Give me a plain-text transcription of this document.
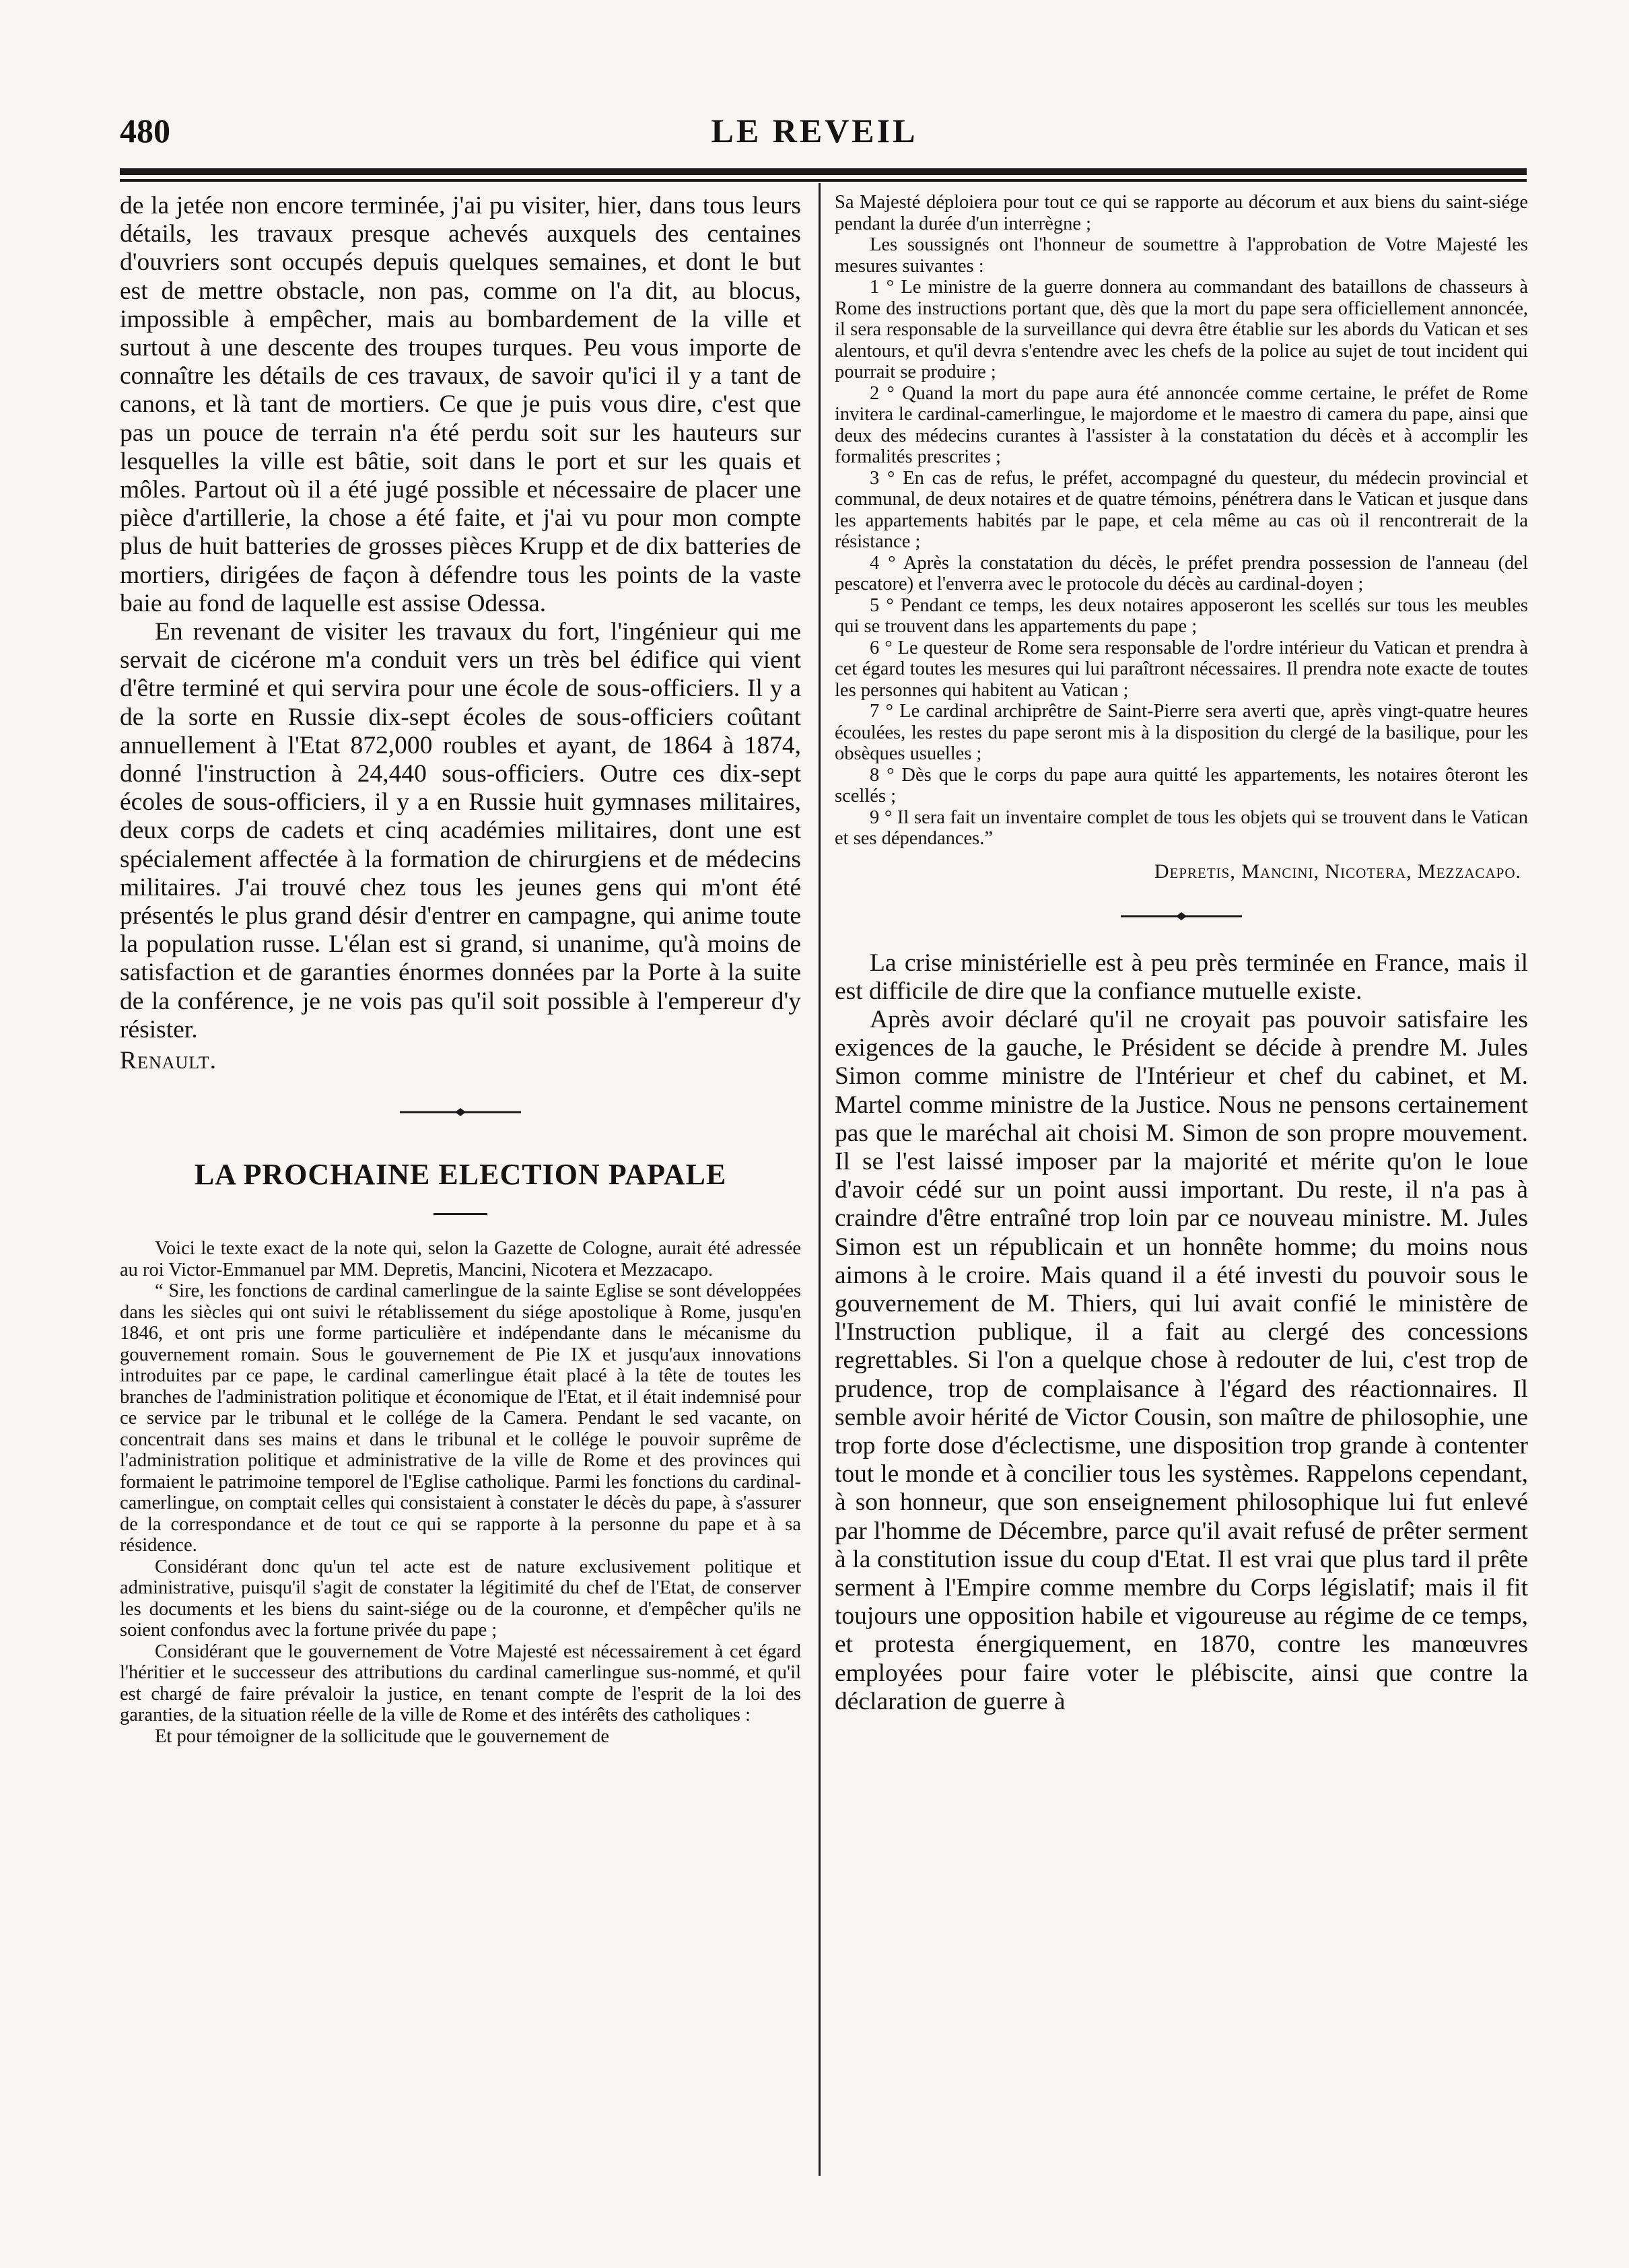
480	LE REVEIL

de la jetée non encore terminée, j'ai pu visiter, hier, dans tous leurs détails, les travaux presque achevés auxquels des centaines d'ouvriers sont occupés depuis quelques semaines, et dont le but est de mettre obstacle, non pas, comme on l'a dit, au blocus, impossible à empêcher, mais au bombardement de la ville et surtout à une descente des troupes turques. Peu vous importe de connaître les détails de ces travaux, de savoir qu'ici il y a tant de canons, et là tant de mortiers. Ce que je puis vous dire, c'est que pas un pouce de terrain n'a été perdu soit sur les hauteurs sur lesquelles la ville est bâtie, soit dans le port et sur les quais et môles. Partout où il a été jugé possible et nécessaire de placer une pièce d'artillerie, la chose a été faite, et j'ai vu pour mon compte plus de huit batteries de grosses pièces Krupp et de dix batteries de mortiers, dirigées de façon à défendre tous les points de la vaste baie au fond de laquelle est assise Odessa.

En revenant de visiter les travaux du fort, l'ingénieur qui me servait de cicérone m'a conduit vers un très bel édifice qui vient d'être terminé et qui servira pour une école de sous-officiers. Il y a de la sorte en Russie dix-sept écoles de sous-officiers coûtant annuellement à l'Etat 872,000 roubles et ayant, de 1864 à 1874, donné l'instruction à 24,440 sous-officiers. Outre ces dix-sept écoles de sous-officiers, il y a en Russie huit gymnases militaires, deux corps de cadets et cinq académies militaires, dont une est spécialement affectée à la formation de chirurgiens et de médecins militaires. J'ai trouvé chez tous les jeunes gens qui m'ont été présentés le plus grand désir d'entrer en campagne, qui anime toute la population russe. L'élan est si grand, si unanime, qu'à moins de satisfaction et de garanties énormes données par la Porte à la suite de la conférence, je ne vois pas qu'il soit possible à l'empereur d'y résister.

Renault.

LA PROCHAINE ELECTION PAPALE

Voici le texte exact de la note qui, selon la Gazette de Cologne, aurait été adressée au roi Victor-Emmanuel par MM. Depretis, Mancini, Nicotera et Mezzacapo.

“ Sire, les fonctions de cardinal camerlingue de la sainte Eglise se sont développées dans les siècles qui ont suivi le rétablissement du siége apostolique à Rome, jusqu'en 1846, et ont pris une forme particulière et indépendante dans le mécanisme du gouvernement romain. Sous le gouvernement de Pie IX et jusqu'aux innovations introduites par ce pape, le cardinal camerlingue était placé à la tête de toutes les branches de l'administration politique et économique de l'Etat, et il était indemnisé pour ce service par le tribunal et le collége de la Camera. Pendant le sed vacante, on concentrait dans ses mains et dans le tribunal et le collége le pouvoir suprême de l'administration politique et administrative de la ville de Rome et des provinces qui formaient le patrimoine temporel de l'Eglise catholique. Parmi les fonctions du cardinal-camerlingue, on comptait celles qui consistaient à constater le décès du pape, à s'assurer de la correspondance et de tout ce qui se rapporte à la personne du pape et à sa résidence.

Considérant donc qu'un tel acte est de nature exclusivement politique et administrative, puisqu'il s'agit de constater la légitimité du chef de l'Etat, de conserver les documents et les biens du saint-siége ou de la couronne, et d'empêcher qu'ils ne soient confondus avec la fortune privée du pape ;

Considérant que le gouvernement de Votre Majesté est nécessairement à cet égard l'héritier et le successeur des attributions du cardinal camerlingue sus-nommé, et qu'il est chargé de faire prévaloir la justice, en tenant compte de l'esprit de la loi des garanties, de la situation réelle de la ville de Rome et des intérêts des catholiques :

Et pour témoigner de la sollicitude que le gouvernement de

Sa Majesté déploiera pour tout ce qui se rapporte au décorum et aux biens du saint-siége pendant la durée d'un interrègne ;

Les soussignés ont l'honneur de soumettre à l'approbation de Votre Majesté les mesures suivantes :

1 ° Le ministre de la guerre donnera au commandant des bataillons de chasseurs à Rome des instructions portant que, dès que la mort du pape sera officiellement annoncée, il sera responsable de la surveillance qui devra être établie sur les abords du Vatican et ses alentours, et qu'il devra s'entendre avec les chefs de la police au sujet de tout incident qui pourrait se produire ;

2 ° Quand la mort du pape aura été annoncée comme certaine, le préfet de Rome invitera le cardinal-camerlingue, le majordome et le maestro di camera du pape, ainsi que deux des médecins curantes à l'assister à la constatation du décès et à accomplir les formalités prescrites ;

3 ° En cas de refus, le préfet, accompagné du questeur, du médecin provincial et communal, de deux notaires et de quatre témoins, pénétrera dans le Vatican et jusque dans les appartements habités par le pape, et cela même au cas où il rencontrerait de la résistance ;

4 ° Après la constatation du décès, le préfet prendra possession de l'anneau (del pescatore) et l'enverra avec le protocole du décès au cardinal-doyen ;

5 ° Pendant ce temps, les deux notaires apposeront les scellés sur tous les meubles qui se trouvent dans les appartements du pape ;

6 ° Le questeur de Rome sera responsable de l'ordre intérieur du Vatican et prendra à cet égard toutes les mesures qui lui paraîtront nécessaires. Il prendra note exacte de toutes les personnes qui habitent au Vatican ;

7 ° Le cardinal archiprêtre de Saint-Pierre sera averti que, après vingt-quatre heures écoulées, les restes du pape seront mis à la disposition du clergé de la basilique, pour les obsèques usuelles ;

8 ° Dès que le corps du pape aura quitté les appartements, les notaires ôteront les scellés ;

9 ° Il sera fait un inventaire complet de tous les objets qui se trouvent dans le Vatican et ses dépendances.”

Depretis, Mancini, Nicotera, Mezzacapo.

La crise ministérielle est à peu près terminée en France, mais il est difficile de dire que la confiance mutuelle existe.

Après avoir déclaré qu'il ne croyait pas pouvoir satisfaire les exigences de la gauche, le Président se décide à prendre M. Jules Simon comme ministre de l'Intérieur et chef du cabinet, et M. Martel comme ministre de la Justice. Nous ne pensons certainement pas que le maréchal ait choisi M. Simon de son propre mouvement. Il se l'est laissé imposer par la majorité et mérite qu'on le loue d'avoir cédé sur un point aussi important. Du reste, il n'a pas à craindre d'être entraîné trop loin par ce nouveau ministre. M. Jules Simon est un républicain et un honnête homme; du moins nous aimons à le croire. Mais quand il a été investi du pouvoir sous le gouvernement de M. Thiers, qui lui avait confié le ministère de l'Instruction publique, il a fait au clergé des concessions regrettables. Si l'on a quelque chose à redouter de lui, c'est trop de prudence, trop de complaisance à l'égard des réactionnaires. Il semble avoir hérité de Victor Cousin, son maître de philosophie, une trop forte dose d'éclectisme, une disposition trop grande à contenter tout le monde et à concilier tous les systèmes. Rappelons cependant, à son honneur, que son enseignement philosophique lui fut enlevé par l'homme de Décembre, parce qu'il avait refusé de prêter serment à la constitution issue du coup d'Etat. Il est vrai que plus tard il prête serment à l'Empire comme membre du Corps législatif; mais il fit toujours une opposition habile et vigoureuse au régime de ce temps, et protesta énergiquement, en 1870, contre les manœuvres employées pour faire voter le plébiscite, ainsi que contre la déclaration de guerre à
